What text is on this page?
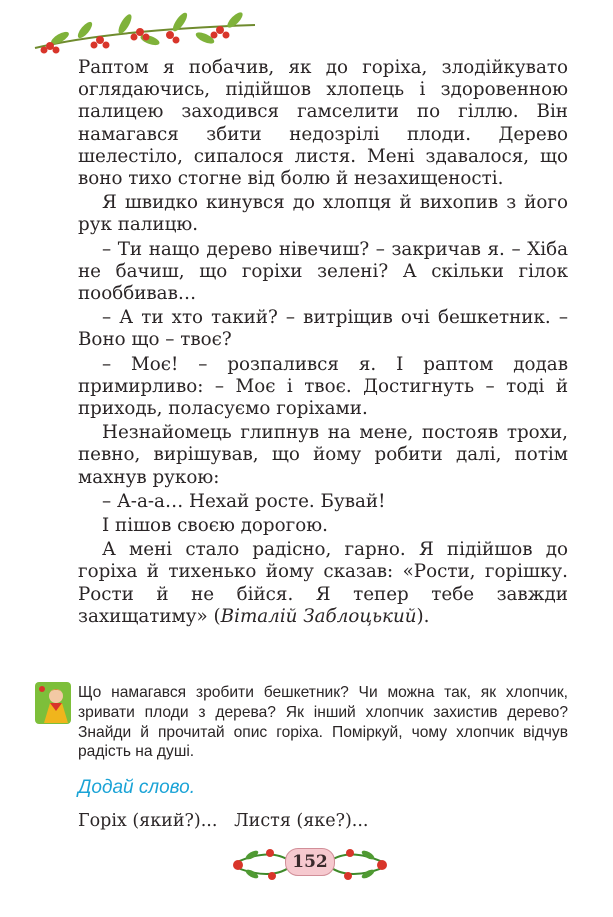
Раптом я побачив, як до горіха, злодійкувато оглядаючись, підійшов хлопець і здоровенною палицею заходився гамселити по гіллю. Він намагався збити недозрілі плоди. Дерево шелестіло, сипалося листя. Мені здавалося, що воно тихо стогне від болю й незахищеності.

Я швидко кинувся до хлопця й вихопив з його рук палицю.

– Ти нащо дерево нівечиш? – закричав я. – Хіба не бачиш, що горіхи зелені? А скільки гілок пооббивав…

– А ти хто такий? – витріщив очі бешкетник. – Воно що – твоє?

– Моє! – розпалився я. І раптом додав примирливо: – Моє і твоє. Достигнуть – тоді й приходь, поласуємо горіхами.

Незнайомець глипнув на мене, постояв трохи, певно, вирішував, що йому робити далі, потім махнув рукою:

– А-а-а… Нехай росте. Бувай!

І пішов своєю дорогою.

А мені стало радісно, гарно. Я підійшов до горіха й тихенько йому сказав: «Рости, горішку. Рости й не бійся. Я тепер тебе завжди захищатиму» (Віталій Заблоцький).

Що намагався зробити бешкетник? Чи можна так, як хлопчик, зривати плоди з дерева? Як інший хлопчик захистив дерево? Знайди й прочитай опис горіха. Поміркуй, чому хлопчик відчув радість на душі.

Додай слово.

Горіх (який?)...   Листя (яке?)...

152
